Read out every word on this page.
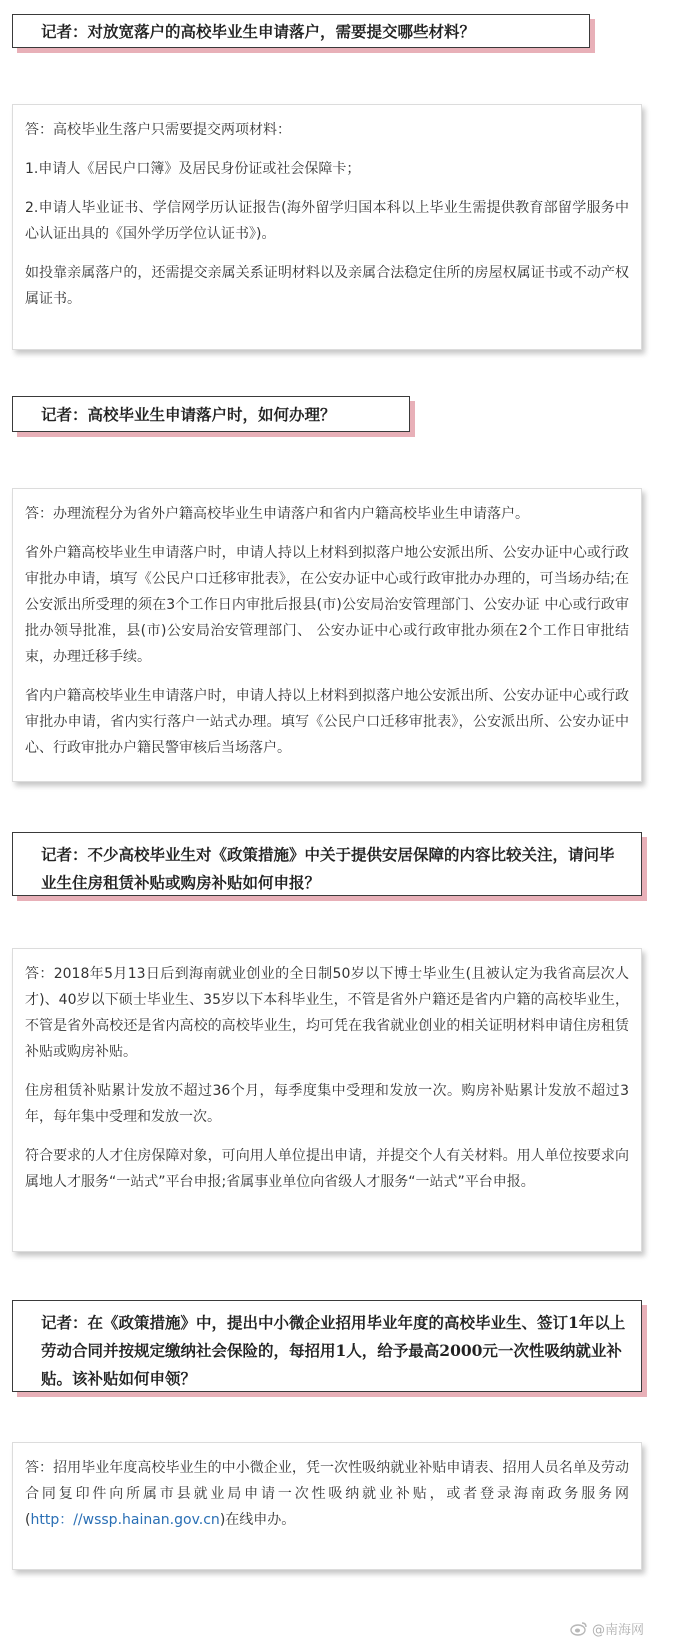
记者：对放宽落户的高校毕业生申请落户，需要提交哪些材料？

答：高校毕业生落户只需要提交两项材料：

1.申请人《居民户口簿》及居民身份证或社会保障卡；

2.申请人毕业证书、学信网学历认证报告(海外留学归国本科以上毕业生需提供教育部留学服务中心认证出具的《国外学历学位认证书》)。

如投靠亲属落户的，还需提交亲属关系证明材料以及亲属合法稳定住所的房屋权属证书或不动产权属证书。

记者：高校毕业生申请落户时，如何办理？

答：办理流程分为省外户籍高校毕业生申请落户和省内户籍高校毕业生申请落户。

省外户籍高校毕业生申请落户时，申请人持以上材料到拟落户地公安派出所、公安办证中心或行政审批办申请，填写《公民户口迁移审批表》，在公安办证中心或行政审批办办理的，可当场办结;在公安派出所受理的须在3个工作日内审批后报县(市)公安局治安管理部门、公安办证 中心或行政审批办领导批准，县(市)公安局治安管理部门、 公安办证中心或行政审批办须在2个工作日审批结束，办理迁移手续。

省内户籍高校毕业生申请落户时，申请人持以上材料到拟落户地公安派出所、公安办证中心或行政审批办申请，省内实行落户一站式办理。填写《公民户口迁移审批表》，公安派出所、公安办证中心、行政审批办户籍民警审核后当场落户。

记者：不少高校毕业生对《政策措施》中关于提供安居保障的内容比较关注，请问毕业生住房租赁补贴或购房补贴如何申报？

答：2018年5月13日后到海南就业创业的全日制50岁以下博士毕业生(且被认定为我省高层次人才)、40岁以下硕士毕业生、35岁以下本科毕业生，不管是省外户籍还是省内户籍的高校毕业生，不管是省外高校还是省内高校的高校毕业生，均可凭在我省就业创业的相关证明材料申请住房租赁补贴或购房补贴。

住房租赁补贴累计发放不超过36个月，每季度集中受理和发放一次。购房补贴累计发放不超过3年，每年集中受理和发放一次。

符合要求的人才住房保障对象，可向用人单位提出申请，并提交个人有关材料。用人单位按要求向属地人才服务“一站式”平台申报;省属事业单位向省级人才服务“一站式”平台申报。

记者：在《政策措施》中，提出中小微企业招用毕业年度的高校毕业生、签订1年以上劳动合同并按规定缴纳社会保险的，每招用1人，给予最高2000元一次性吸纳就业补贴。该补贴如何申领？

答：招用毕业年度高校毕业生的中小微企业，凭一次性吸纳就业补贴申请表、招用人员名单及劳动合同复印件向所属市县就业局申请一次性吸纳就业补贴，或者登录海南政务服务网(http：//wssp.hainan.gov.cn)在线申办。

@南海网
